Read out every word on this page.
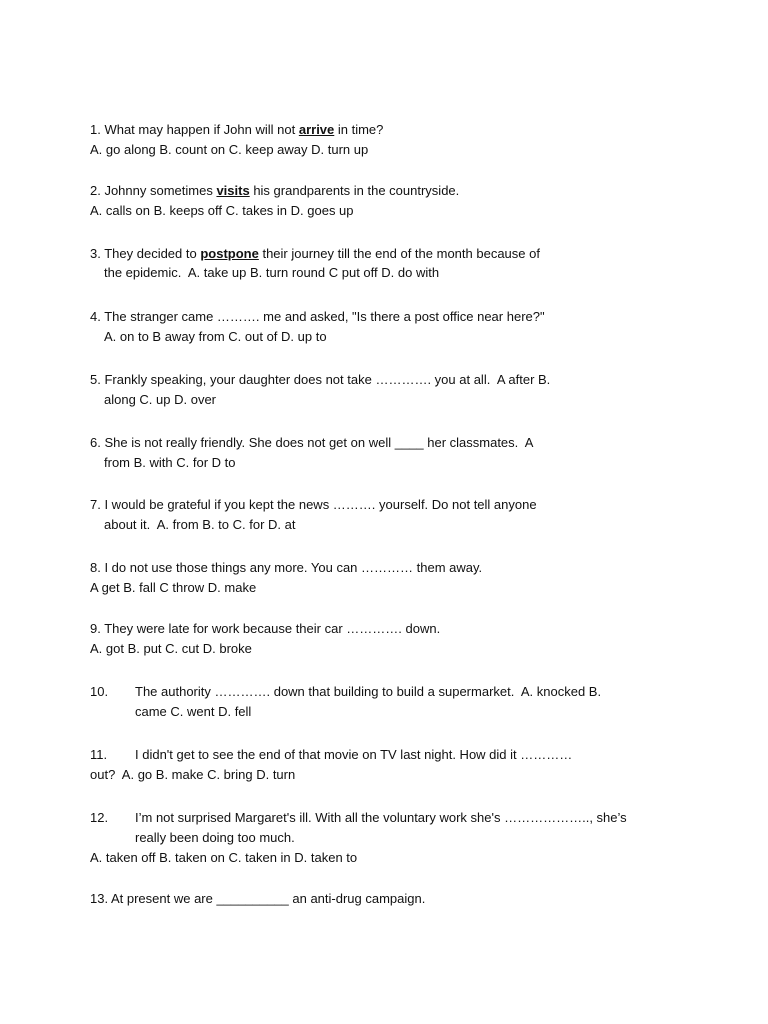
1. What may happen if John will not arrive in time?
A. go along B. count on C. keep away D. turn up
2. Johnny sometimes visits his grandparents in the countryside.
A. calls on B. keeps off C. takes in D. goes up
3. They decided to postpone their journey till the end of the month because of
the epidemic.  A. take up B. turn round C put off D. do with
4. The stranger came ………. me and asked, "Is there a post office near here?"
A. on to B away from C. out of D. up to
5. Frankly speaking, your daughter does not take …………. you at all.  A after B.
along C. up D. over
6. She is not really friendly. She does not get on well ____ her classmates.  A
from B. with C. for D to
7. I would be grateful if you kept the news ………. yourself. Do not tell anyone
about it.  A. from B. to C. for D. at
8. I do not use those things any more. You can ………… them away.
A get B. fall C throw D. make
9. They were late for work because their car …………. down.
A. got B. put C. cut D. broke
10. The authority …………. down that building to build a supermarket.  A. knocked B.
came C. went D. fell
11. I didn't get to see the end of that movie on TV last night. How did it …………
out?  A. go B. make C. bring D. turn
12. I’m not surprised Margaret's ill. With all the voluntary work she's ……………….., she’s
really been doing too much.
A. taken off B. taken on C. taken in D. taken to
13. At present we are __________ an anti-drug campaign.
